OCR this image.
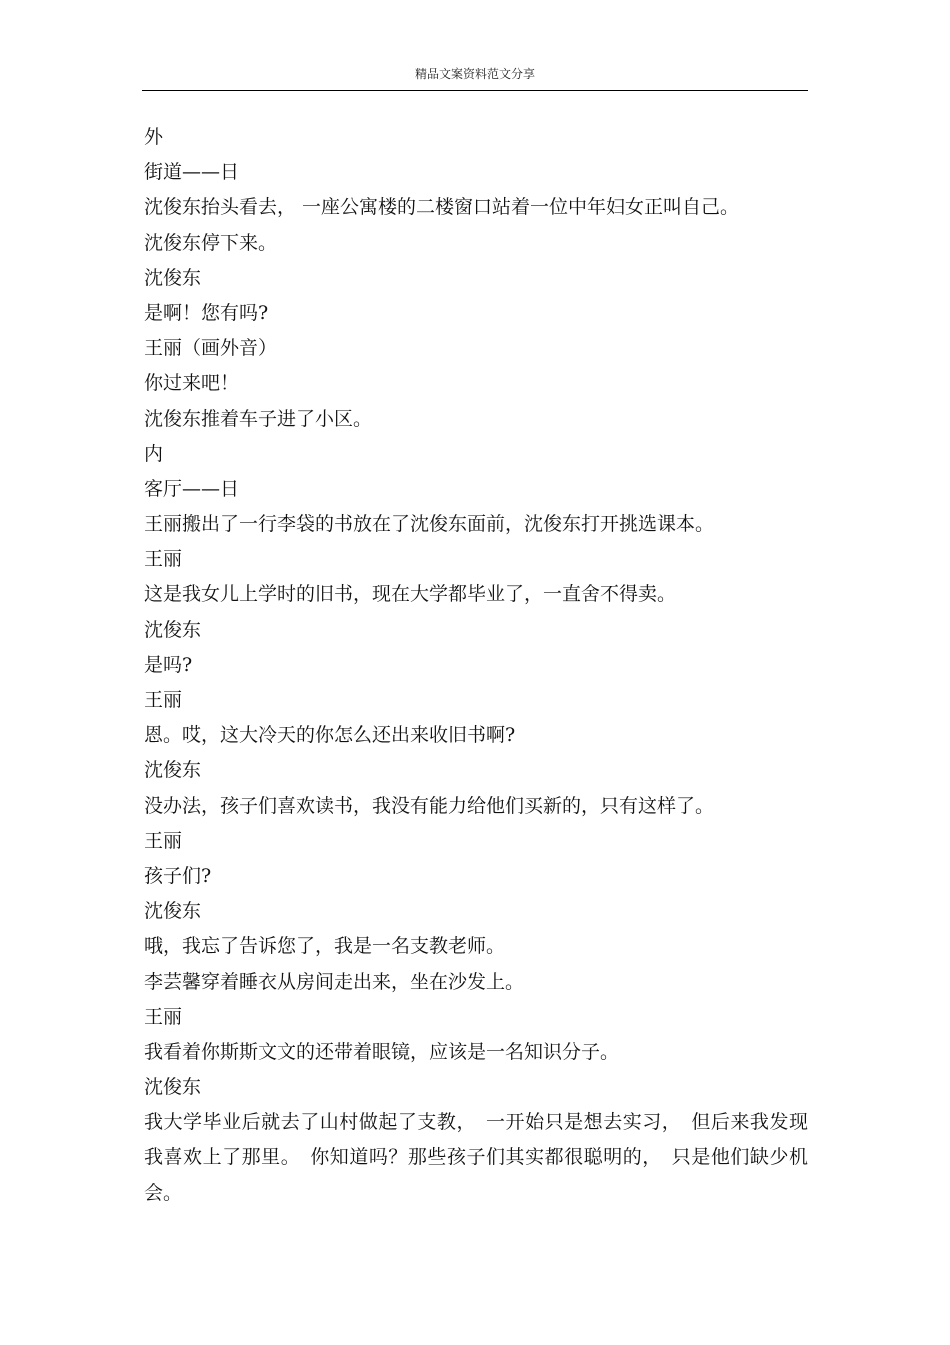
精品文案资料范文分享
外
街道——日
沈俊东抬头看去， 一座公寓楼的二楼窗口站着一位中年妇女正叫自己。
沈俊东停下来。
沈俊东
是啊！您有吗?
王丽（画外音）
你过来吧！
沈俊东推着车子进了小区。
内
客厅——日
王丽搬出了一行李袋的书放在了沈俊东面前，沈俊东打开挑选课本。
王丽
这是我女儿上学时的旧书，现在大学都毕业了，一直舍不得卖。
沈俊东
是吗?
王丽
恩。哎，这大冷天的你怎么还出来收旧书啊?
沈俊东
没办法，孩子们喜欢读书，我没有能力给他们买新的，只有这样了。
王丽
孩子们?
沈俊东
哦，我忘了告诉您了，我是一名支教老师。
李芸馨穿着睡衣从房间走出来，坐在沙发上。
王丽
我看着你斯斯文文的还带着眼镜，应该是一名知识分子。
沈俊东
我大学毕业后就去了山村做起了支教，　一开始只是想去实习，　但后来我发现我喜欢上了那里。　你知道吗？那些孩子们其实都很聪明的，　只是他们缺少机会。
